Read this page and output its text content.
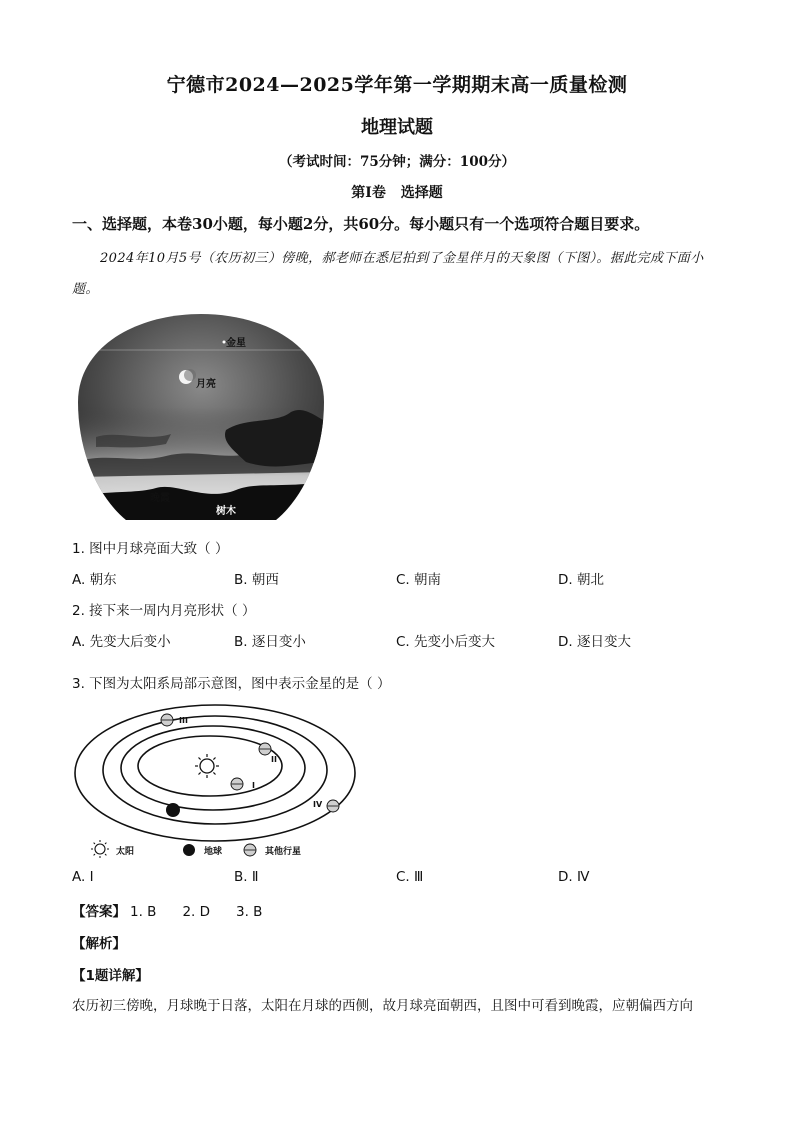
宁德市2024—2025学年第一学期期末高一质量检测
地理试题
（考试时间：75分钟；满分：100分）
第Ⅰ卷 选择题
一、选择题，本卷30小题，每小题2分，共60分。每小题只有一个选项符合题目要求。
2024年10月5号（农历初三）傍晚，郝老师在悉尼拍到了金星伴月的天象图（下图）。据此完成下面小题。
金星
月亮
晚霞
树木
1. 图中月球亮面大致（ ）
A. 朝东	B. 朝西	C. 朝南	D. 朝北
2. 接下来一周内月亮形状（ ）
A. 先变大后变小	B. 逐日变小	C. 先变小后变大	D. 逐日变大
3. 下图为太阳系局部示意图，图中表示金星的是（ ）
I
II
III
IV
太阳	地球	其他行星
A. I	B. Ⅱ	C. Ⅲ	D. Ⅳ
【答案】 1. B 2. D 3. B
【解析】
【1题详解】
农历初三傍晚，月球晚于日落，太阳在月球的西侧，故月球亮面朝西，且图中可看到晚霞，应朝偏西方向
